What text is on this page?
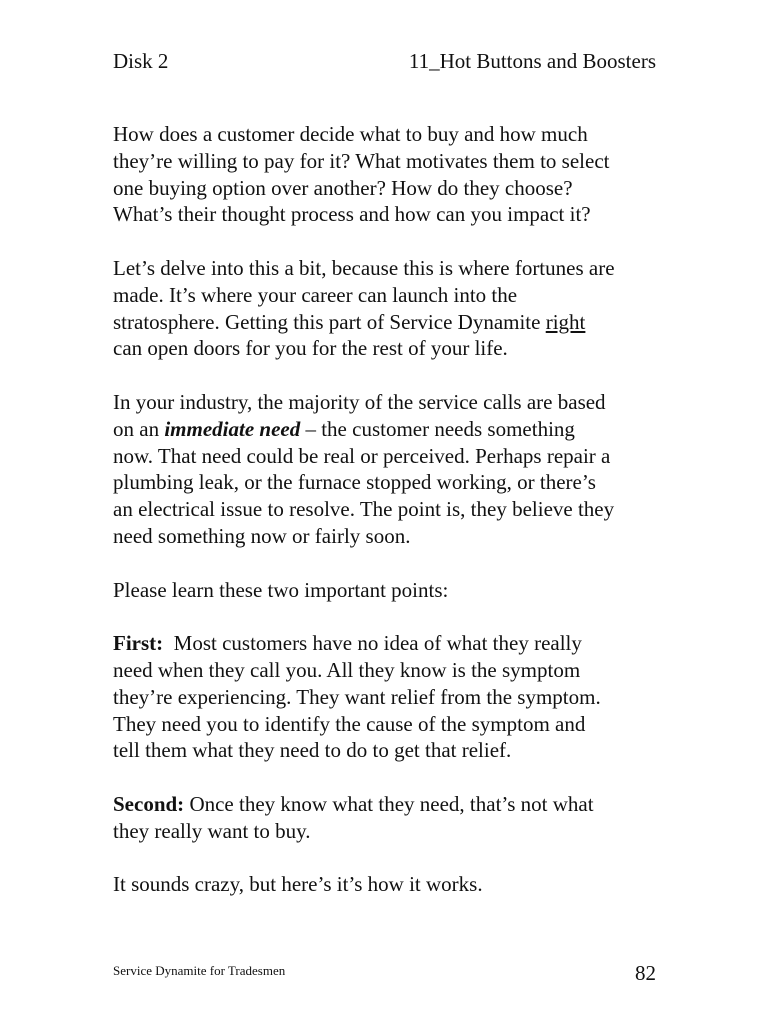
Disk 2	11_Hot Buttons and Boosters

How does a customer decide what to buy and how much
they’re willing to pay for it? What motivates them to select
one buying option over another? How do they choose?
What’s their thought process and how can you impact it?

Let’s delve into this a bit, because this is where fortunes are
made. It’s where your career can launch into the
stratosphere. Getting this part of Service Dynamite right
can open doors for you for the rest of your life.

In your industry, the majority of the service calls are based
on an immediate need – the customer needs something
now. That need could be real or perceived. Perhaps repair a
plumbing leak, or the furnace stopped working, or there’s
an electrical issue to resolve. The point is, they believe they
need something now or fairly soon.

Please learn these two important points:

First:  Most customers have no idea of what they really
need when they call you. All they know is the symptom
they’re experiencing. They want relief from the symptom.
They need you to identify the cause of the symptom and
tell them what they need to do to get that relief.

Second: Once they know what they need, that’s not what
they really want to buy.

It sounds crazy, but here’s it’s how it works.

Service Dynamite for Tradesmen	82
